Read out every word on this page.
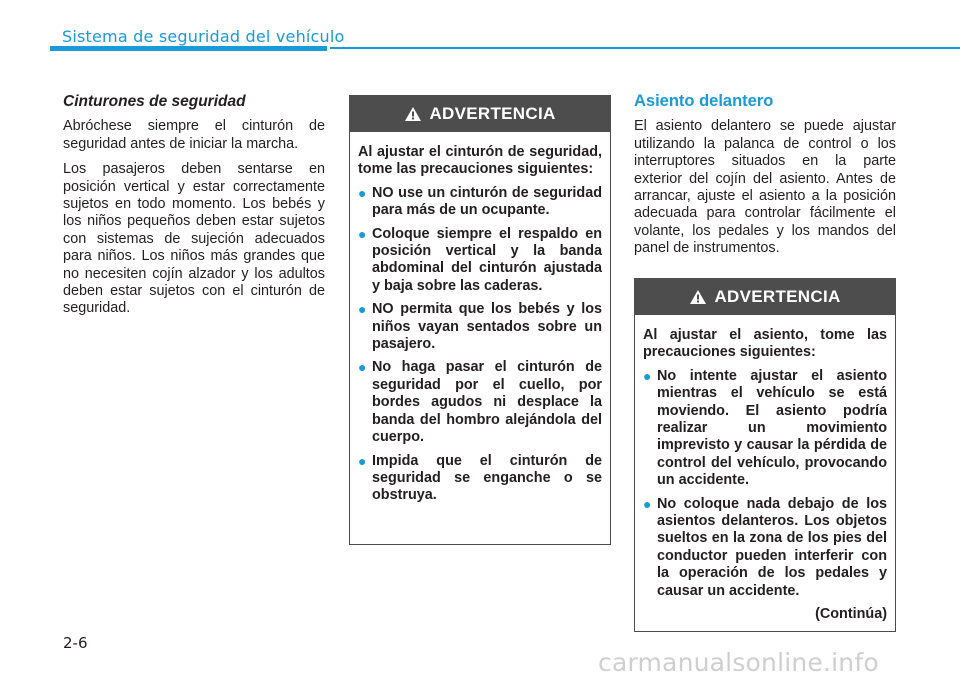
Sistema de seguridad del vehículo
Cinturones de seguridad

Abróchese siempre el cinturón de seguridad antes de iniciar la marcha.

Los pasajeros deben sentarse en posición vertical y estar correctamente sujetos en todo momento. Los bebés y los niños pequeños deben estar sujetos con sistemas de sujeción adecuados para niños. Los niños más grandes que no necesiten cojín alzador y los adultos deben estar sujetos con el cinturón de seguridad.

ADVERTENCIA

Al ajustar el cinturón de seguridad, tome las precauciones siguientes:

● NO use un cinturón de seguridad para más de un ocupante.
● Coloque siempre el respaldo en posición vertical y la banda abdominal del cinturón ajustada y baja sobre las caderas.
● NO permita que los bebés y los niños vayan sentados sobre un pasajero.
● No haga pasar el cinturón de seguridad por el cuello, por bordes agudos ni desplace la banda del hombro alejándola del cuerpo.
● Impida que el cinturón de seguridad se enganche o se obstruya.
Asiento delantero

El asiento delantero se puede ajustar utilizando la palanca de control o los interruptores situados en la parte exterior del cojín del asiento. Antes de arrancar, ajuste el asiento a la posición adecuada para controlar fácilmente el volante, los pedales y los mandos del panel de instrumentos.

ADVERTENCIA

Al ajustar el asiento, tome las precauciones siguientes:

● No intente ajustar el asiento mientras el vehículo se está moviendo. El asiento podría realizar un movimiento imprevisto y causar la pérdida de control del vehículo, provocando un accidente.
● No coloque nada debajo de los asientos delanteros. Los objetos sueltos en la zona de los pies del conductor pueden interferir con la operación de los pedales y causar un accidente.

(Continúa)

2-6
carmanualsonline.info
